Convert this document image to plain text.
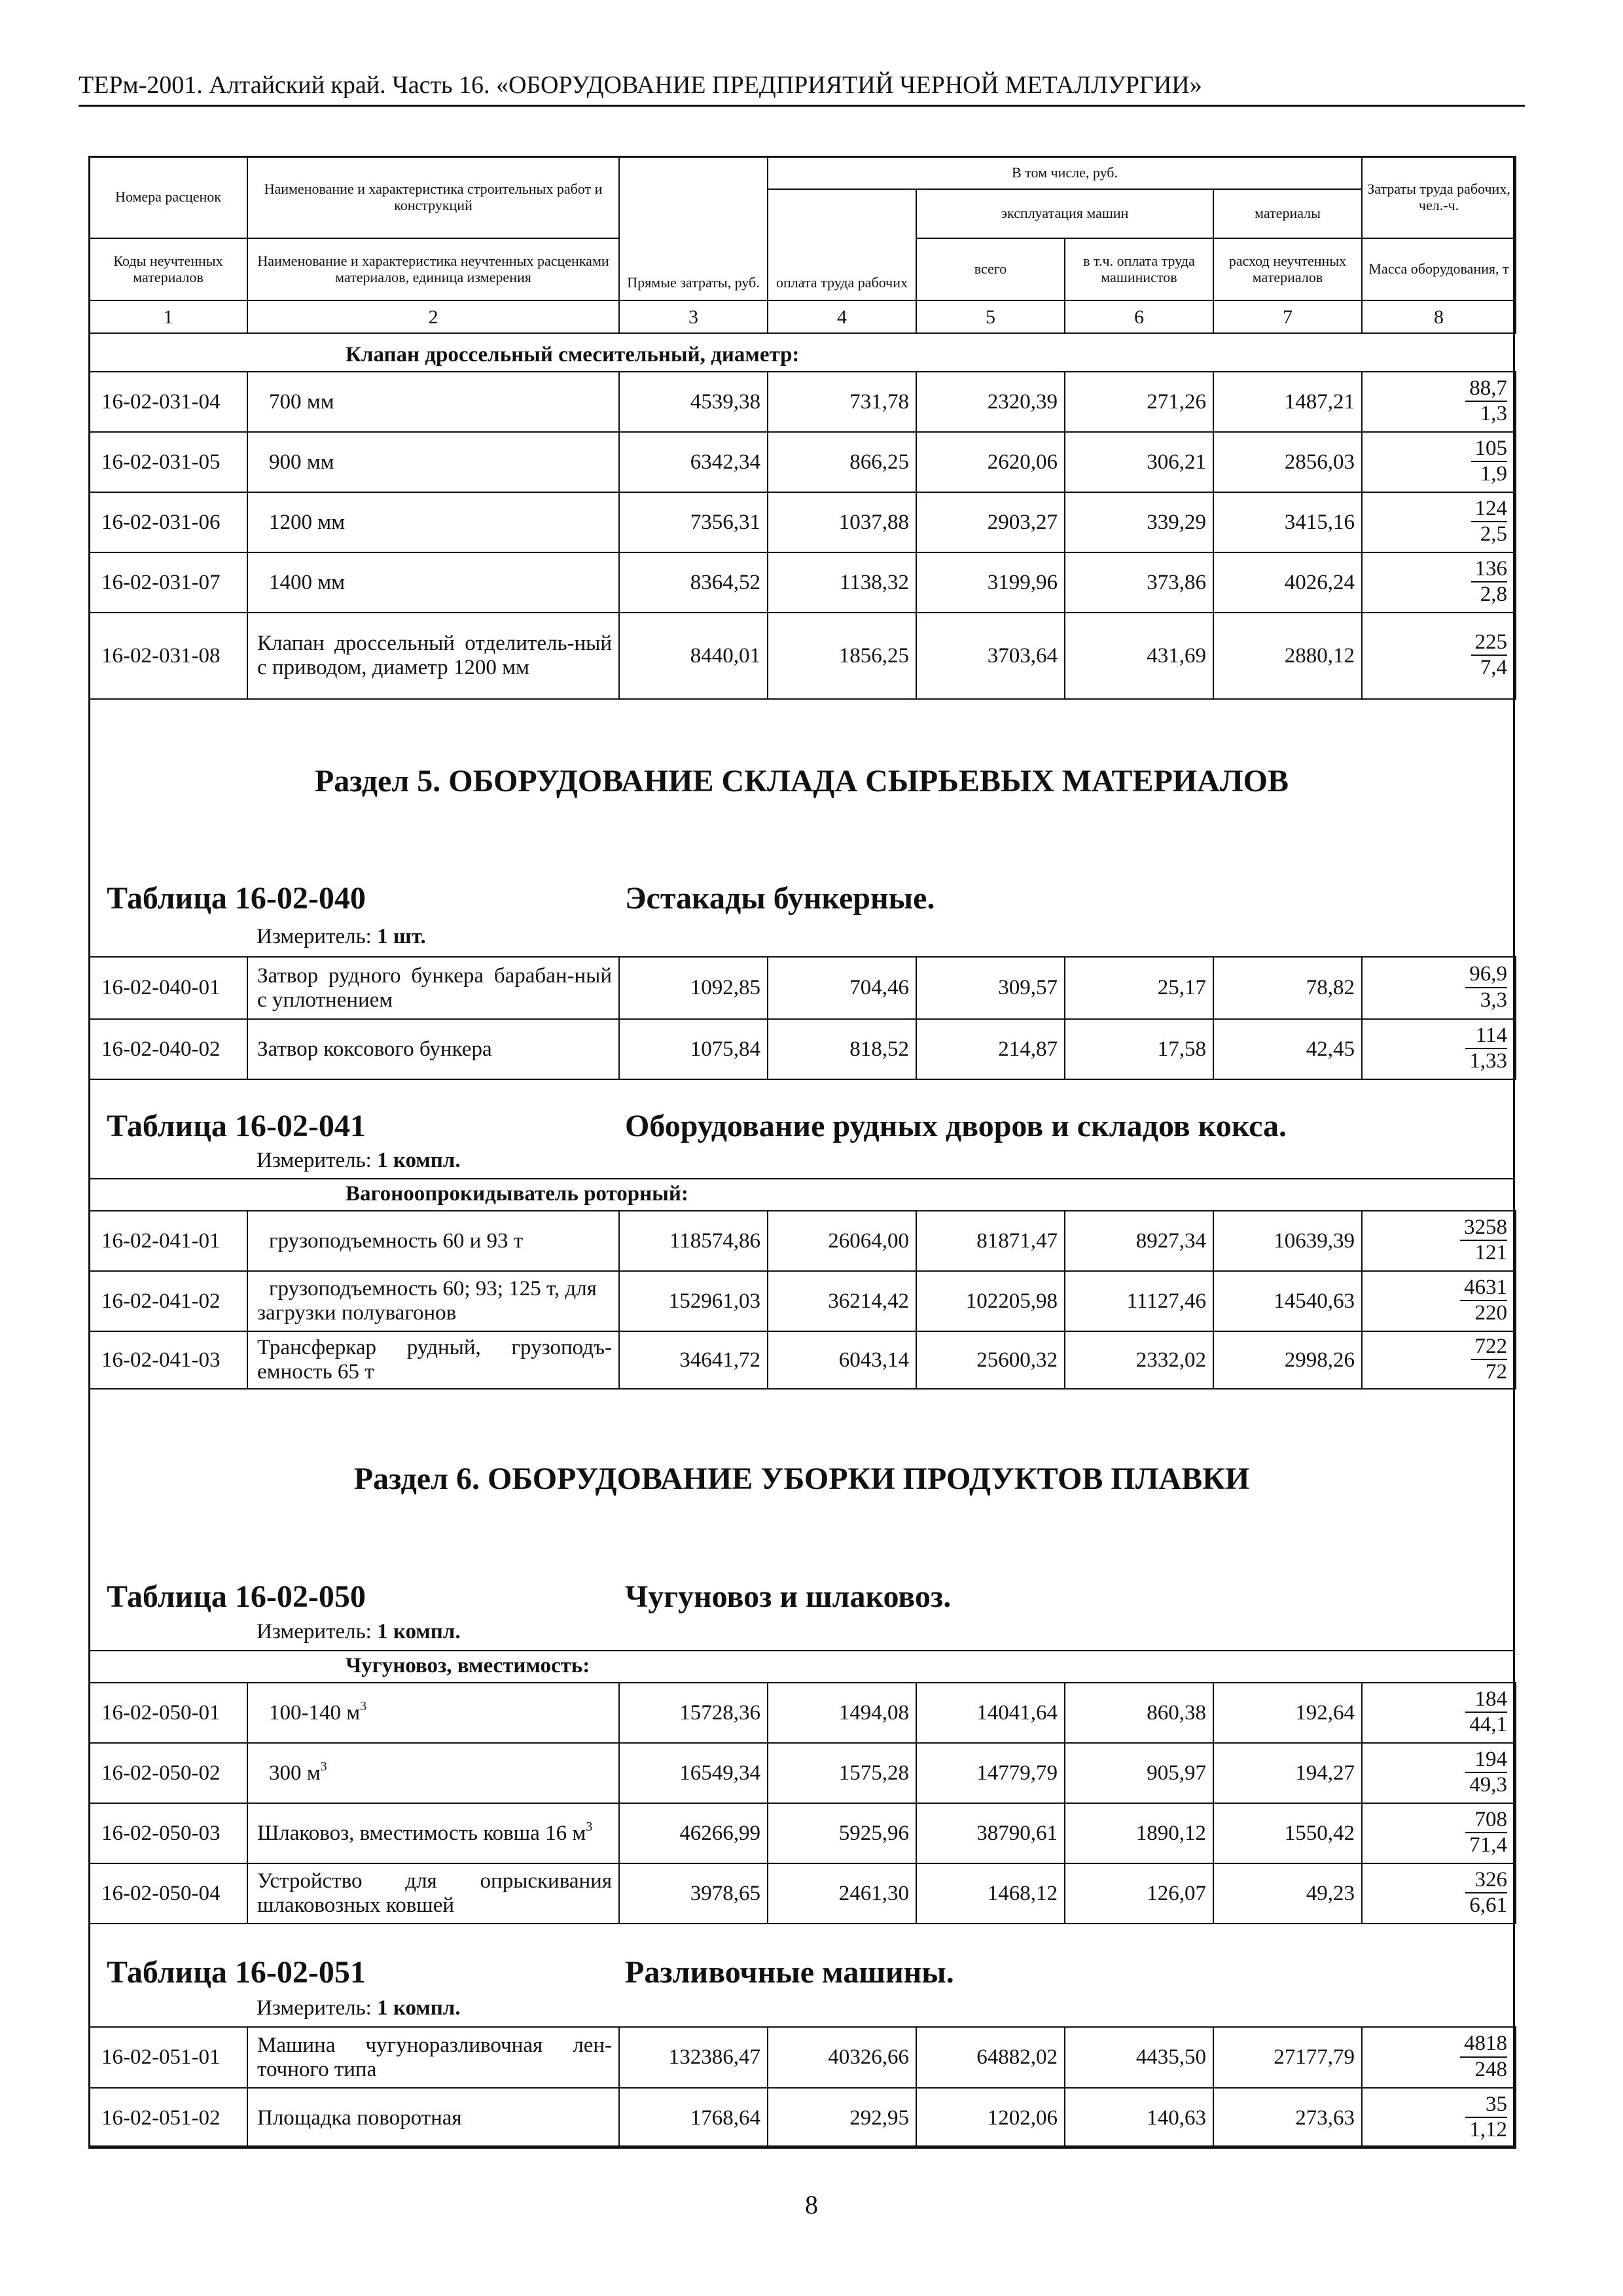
ТЕРм-2001. Алтайский край. Часть 16. «ОБОРУДОВАНИЕ ПРЕДПРИЯТИЙ ЧЕРНОЙ МЕТАЛЛУРГИИ»
Номера расценок	Наименование и характеристика строительных работ и конструкций	Прямые затраты, руб.	В том числе, руб.				Затраты труда рабочих, чел.-ч.
			оплата труда рабочих	эксплуатация машин		материалы	
Коды неучтенных материалов	Наименование и характеристика неучтенных расценками материалов, единица измерения			всего	в т.ч. оплата труда машинистов	расход неучтенных материалов	Масса оборудования, т
1	2	3	4	5	6	7	8
Клапан дроссельный смесительный, диаметр:							
16-02-031-04	700 мм	4539,38	731,78	2320,39	271,26	1487,21	$\frac{88,7}{1,3}$

16-02-031-05	900 мм	6342,34	866,25	2620,06	306,21	2856,03	$\frac{105}{1,9}$

16-02-031-06	1200 мм	7356,31	1037,88	2903,27	339,29	3415,16	$\frac{124}{2,5}$

16-02-031-07	1400 мм	8364,52	1138,32	3199,96	373,86	4026,24	$\frac{136}{2,8}$

16-02-031-08	Клапан дроссельный отделитель-ный с приводом, диаметр 1200 мм	8440,01	1856,25	3703,64	431,69	2880,12	$\frac{225}{7,4}$
Раздел 5. ОБОРУДОВАНИЕ СКЛАДА СЫРЬЕВЫХ МАТЕРИАЛОВ
Таблица 16-02-040	Эстакады бункерные.
Измеритель: 1 шт.
16-02-040-01	Затвор рудного бункера барабан-ный с уплотнением	1092,85	704,46	309,57	25,17	78,82	$\frac{96,9}{3,3}$

16-02-040-02	Затвор коксового бункера	1075,84	818,52	214,87	17,58	42,45	$\frac{114}{1,33}$
Таблица 16-02-041	Оборудование рудных дворов и складов кокса.
Измеритель: 1 компл.
Вагоноопрокидыватель роторный:							
16-02-041-01	грузоподъемность 60 и 93 т	118574,86	26064,00	81871,47	8927,34	10639,39	$\frac{3258}{121}$

16-02-041-02	грузоподъемность 60; 93; 125 т, для загрузки полувагонов	152961,03	36214,42	102205,98	11127,46	14540,63	$\frac{4631}{220}$

16-02-041-03	Трансферкар рудный, грузоподъ-емность 65 т	34641,72	6043,14	25600,32	2332,02	2998,26	$\frac{722}{72}$
Раздел 6. ОБОРУДОВАНИЕ УБОРКИ ПРОДУКТОВ ПЛАВКИ
Таблица 16-02-050	Чугуновоз и шлаковоз.
Измеритель: 1 компл.
Чугуновоз, вместимость:							
16-02-050-01	100-140 $м^3$	15728,36	1494,08	14041,64	860,38	192,64	$\frac{184}{44,1}$

16-02-050-02	300 $м^3$	16549,34	1575,28	14779,79	905,97	194,27	$\frac{194}{49,3}$

16-02-050-03	Шлаковоз, вместимость ковша 16 $м^3$	46266,99	5925,96	38790,61	1890,12	1550,42	$\frac{708}{71,4}$

16-02-050-04	Устройство для опрыскивания шлаковозных ковшей	3978,65	2461,30	1468,12	126,07	49,23	$\frac{326}{6,61}$
Таблица 16-02-051	Разливочные машины.
Измеритель: 1 компл.
16-02-051-01	Машина чугуноразливочная лен-точного типа	132386,47	40326,66	64882,02	4435,50	27177,79	$\frac{4818}{248}$

16-02-051-02	Площадка поворотная	1768,64	292,95	1202,06	140,63	273,63	$\frac{35}{1,12}$
8
